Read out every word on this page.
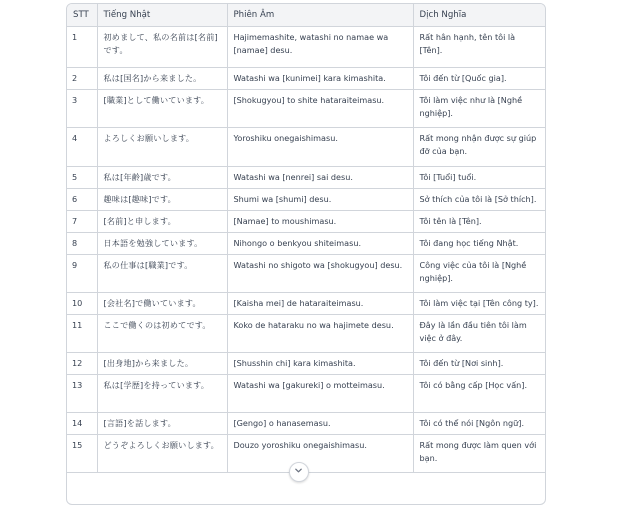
STT	Tiếng Nhật	Phiên Âm	Dịch Nghĩa
1	初めまして、私の名前は[名前]です。	Hajimemashite, watashi no namae wa [namae] desu.	Rất hân hạnh, tên tôi là [Tên].
2	私は[国名]から来ました。	Watashi wa [kunimei] kara kimashita.	Tôi đến từ [Quốc gia].
3	[職業]として働いています。	[Shokugyou] to shite hataraiteimasu.	Tôi làm việc như là [Nghề nghiệp].
4	よろしくお願いします。	Yoroshiku onegaishimasu.	Rất mong nhận được sự giúp đỡ của bạn.
5	私は[年齢]歳です。	Watashi wa [nenrei] sai desu.	Tôi [Tuổi] tuổi.
6	趣味は[趣味]です。	Shumi wa [shumi] desu.	Sở thích của tôi là [Sở thích].
7	[名前]と申します。	[Namae] to moushimasu.	Tôi tên là [Tên].
8	日本語を勉強しています。	Nihongo o benkyou shiteimasu.	Tôi đang học tiếng Nhật.
9	私の仕事は[職業]です。	Watashi no shigoto wa [shokugyou] desu.	Công việc của tôi là [Nghề nghiệp].
10	[会社名]で働いています。	[Kaisha mei] de hataraiteimasu.	Tôi làm việc tại [Tên công ty].
11	ここで働くのは初めてです。	Koko de hataraku no wa hajimete desu.	Đây là lần đầu tiên tôi làm việc ở đây.
12	[出身地]から来ました。	[Shusshin chi] kara kimashita.	Tôi đến từ [Nơi sinh].
13	私は[学歴]を持っています。	Watashi wa [gakureki] o motteimasu.	Tôi có bằng cấp [Học vấn].
14	[言語]を話します。	[Gengo] o hanasemasu.	Tôi có thể nói [Ngôn ngữ].
15	どうぞよろしくお願いします。	Douzo yoroshiku onegaishimasu.	Rất mong được làm quen với bạn.
